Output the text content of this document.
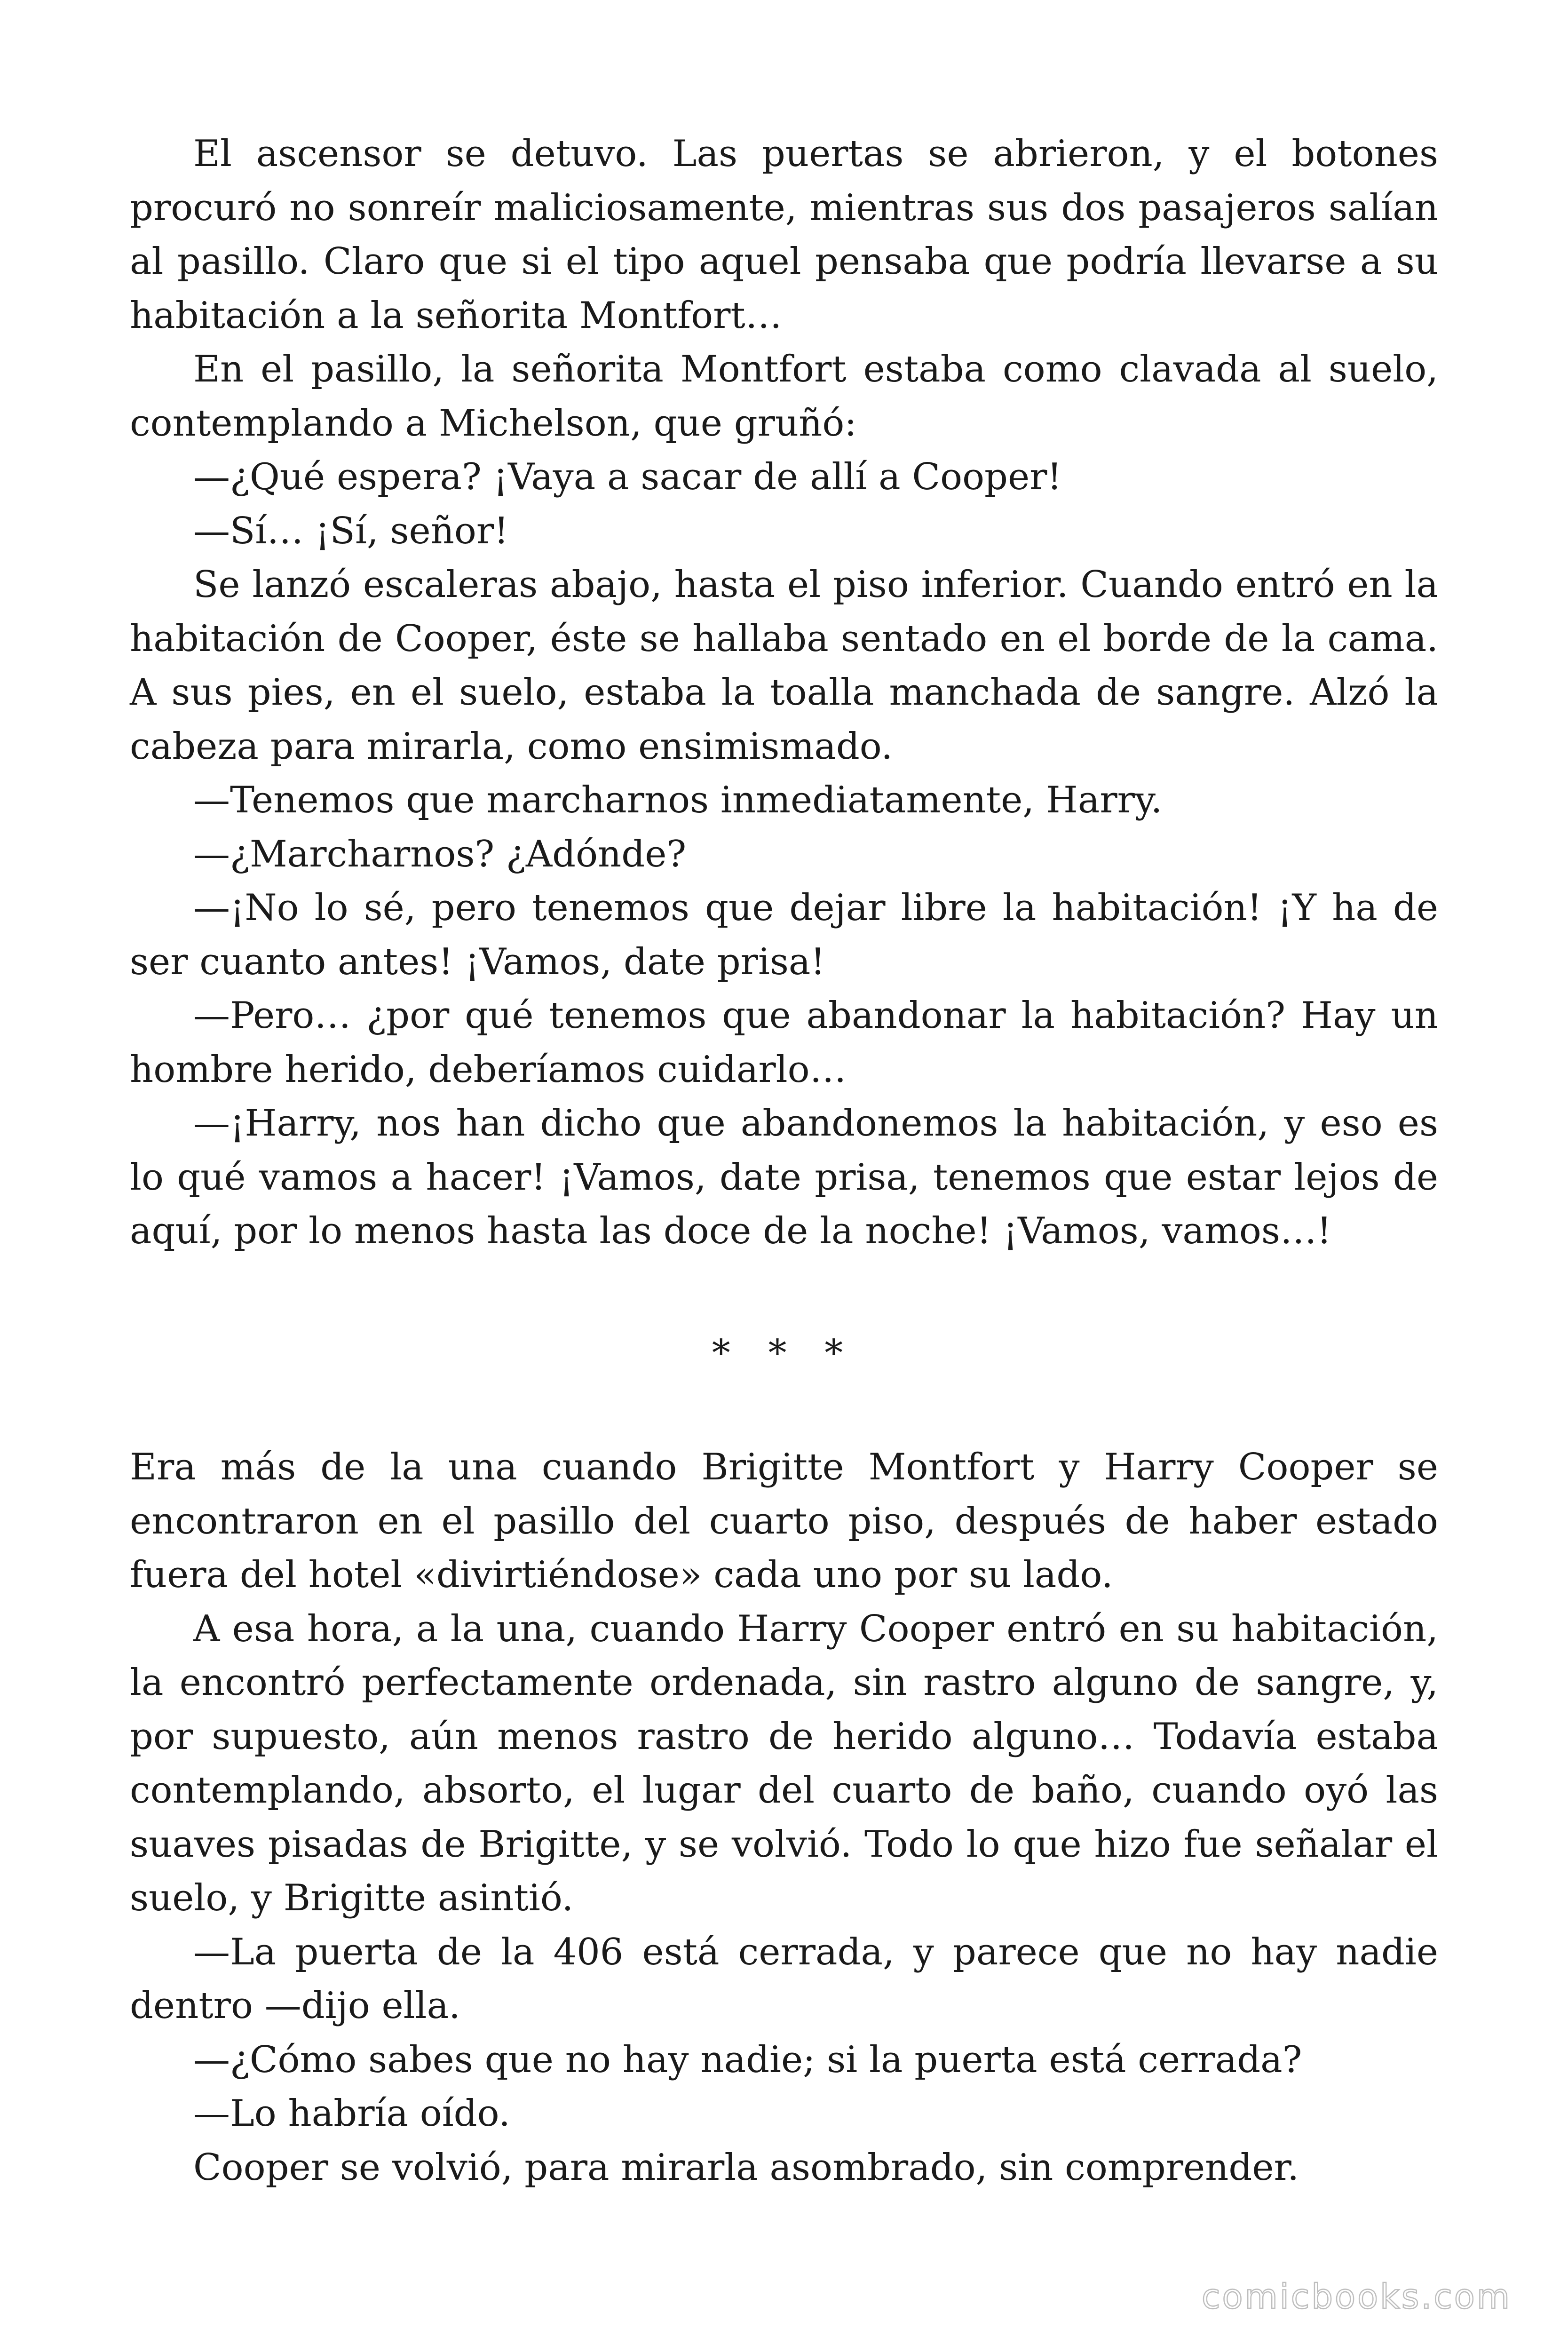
El ascensor se detuvo. Las puertas se abrieron, y el botones procuró no sonreír maliciosamente, mientras sus dos pasajeros salían al pasillo. Claro que si el tipo aquel pensaba que podría llevarse a su habitación a la señorita Montfort…

En el pasillo, la señorita Montfort estaba como clavada al suelo, contemplando a Michelson, que gruñó:

—¿Qué espera? ¡Vaya a sacar de allí a Cooper!

—Sí… ¡Sí, señor!

Se lanzó escaleras abajo, hasta el piso inferior. Cuando entró en la habitación de Cooper, éste se hallaba sentado en el borde de la cama. A sus pies, en el suelo, estaba la toalla manchada de sangre. Alzó la cabeza para mirarla, como ensimismado.

—Tenemos que marcharnos inmediatamente, Harry.

—¿Marcharnos? ¿Adónde?

—¡No lo sé, pero tenemos que dejar libre la habitación! ¡Y ha de ser cuanto antes! ¡Vamos, date prisa!

—Pero… ¿por qué tenemos que abandonar la habitación? Hay un hombre herido, deberíamos cuidarlo…

—¡Harry, nos han dicho que abandonemos la habitación, y eso es lo qué vamos a hacer! ¡Vamos, date prisa, tenemos que estar lejos de aquí, por lo menos hasta las doce de la noche! ¡Vamos, vamos…!

* * *

Era más de la una cuando Brigitte Montfort y Harry Cooper se encontraron en el pasillo del cuarto piso, después de haber estado fuera del hotel «divirtiéndose» cada uno por su lado.

A esa hora, a la una, cuando Harry Cooper entró en su habitación, la encontró perfectamente ordenada, sin rastro alguno de sangre, y, por supuesto, aún menos rastro de herido alguno… Todavía estaba contemplando, absorto, el lugar del cuarto de baño, cuando oyó las suaves pisadas de Brigitte, y se volvió. Todo lo que hizo fue señalar el suelo, y Brigitte asintió.

—La puerta de la 406 está cerrada, y parece que no hay nadie dentro —dijo ella.

—¿Cómo sabes que no hay nadie; si la puerta está cerrada?

—Lo habría oído.

Cooper se volvió, para mirarla asombrado, sin comprender.

comicbooks.com
